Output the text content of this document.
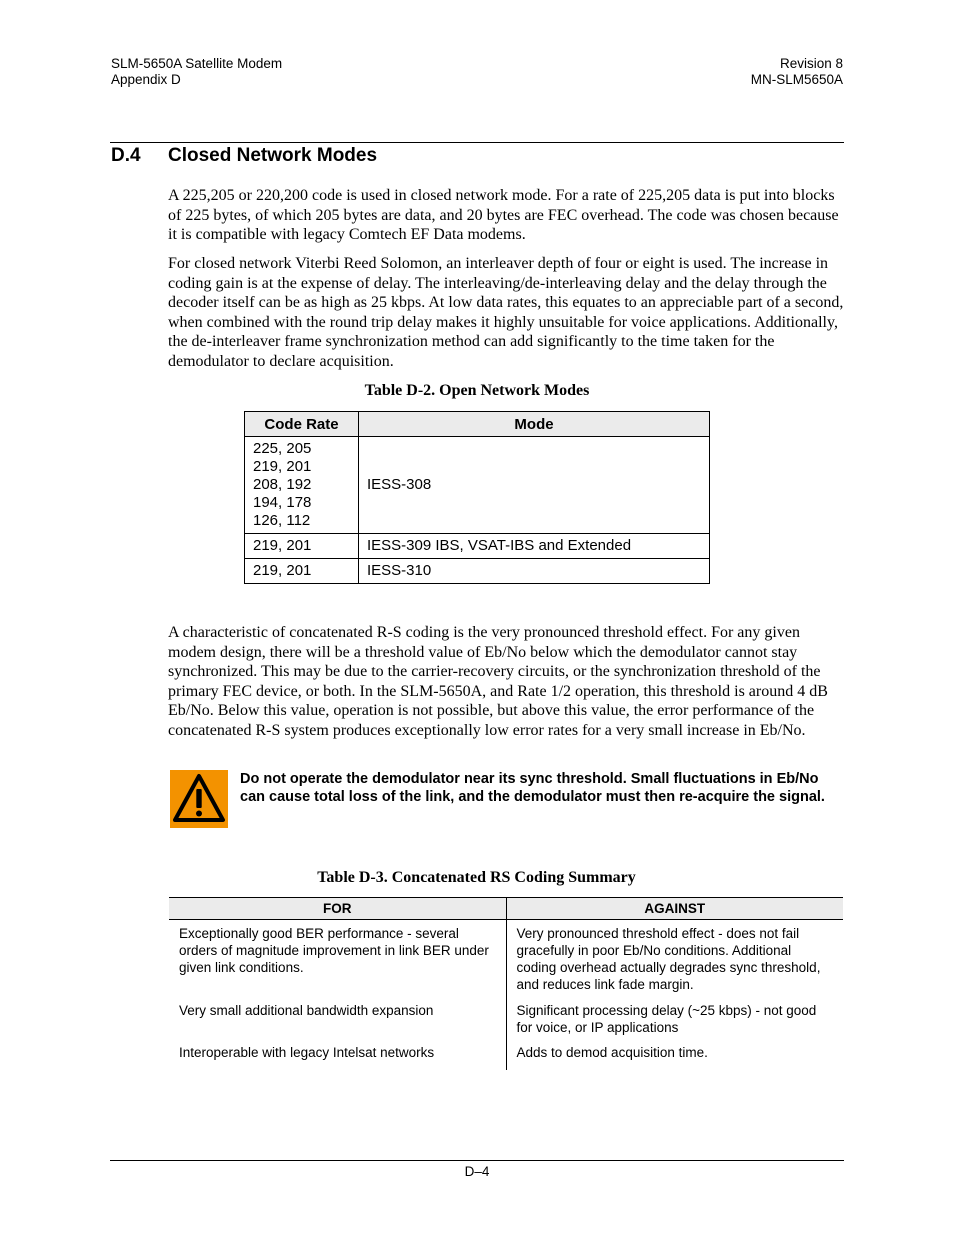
SLM-5650A Satellite Modem
Appendix D
Revision 8
MN-SLM5650A
D.4 Closed Network Modes
A 225,205 or 220,200 code is used in closed network mode. For a rate of 225,205 data is put into blocks of 225 bytes, of which 205 bytes are data, and 20 bytes are FEC overhead. The code was chosen because it is compatible with legacy Comtech EF Data modems.
For closed network Viterbi Reed Solomon, an interleaver depth of four or eight is used. The increase in coding gain is at the expense of delay. The interleaving/de-interleaving delay and the delay through the decoder itself can be as high as 25 kbps. At low data rates, this equates to an appreciable part of a second, when combined with the round trip delay makes it highly unsuitable for voice applications. Additionally, the de-interleaver frame synchronization method can add significantly to the time taken for the demodulator to declare acquisition.
Table D-2. Open Network Modes
Code Rate	Mode

225, 205
219, 201
208, 192
194, 178
126, 112	IESS-308
219, 201	IESS-309 IBS, VSAT-IBS and Extended
219, 201	IESS-310
A characteristic of concatenated R-S coding is the very pronounced threshold effect. For any given modem design, there will be a threshold value of Eb/No below which the demodulator cannot stay synchronized. This may be due to the carrier-recovery circuits, or the synchronization threshold of the primary FEC device, or both. In the SLM-5650A, and Rate 1/2 operation, this threshold is around 4 dB Eb/No. Below this value, operation is not possible, but above this value, the error performance of the concatenated R-S system produces exceptionally low error rates for a very small increase in Eb/No.
Do not operate the demodulator near its sync threshold. Small fluctuations in Eb/No can cause total loss of the link, and the demodulator must then re-acquire the signal.
Table D-3. Concatenated RS Coding Summary
FOR	AGAINST
Exceptionally good BER performance - several orders of magnitude improvement in link BER under given link conditions.	Very pronounced threshold effect - does not fail gracefully in poor Eb/No conditions. Additional coding overhead actually degrades sync threshold, and reduces link fade margin.
Very small additional bandwidth expansion	Significant processing delay (~25 kbps) - not good for voice, or IP applications
Interoperable with legacy Intelsat networks	Adds to demod acquisition time.
D–4
